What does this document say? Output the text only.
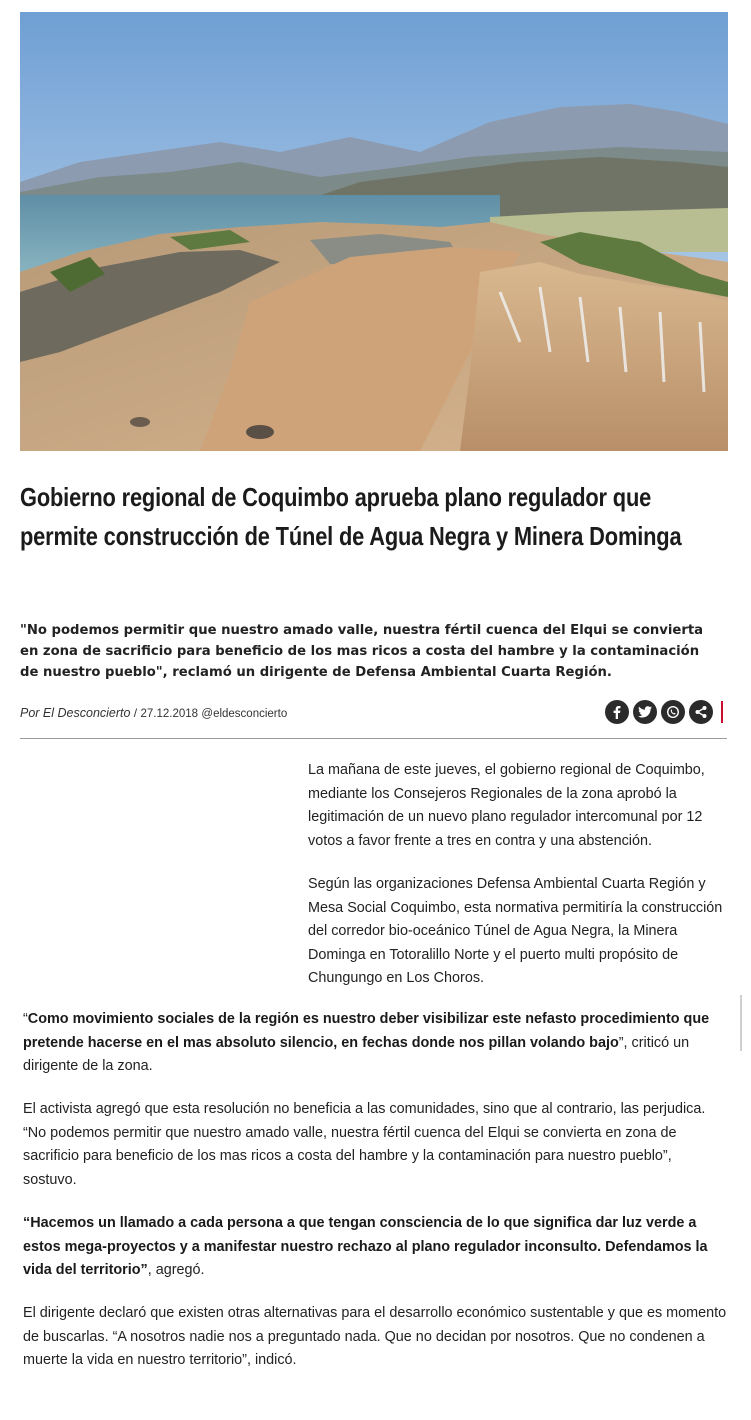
Gobierno regional de Coquimbo aprueba plano regulador que permite construcción de Túnel de Agua Negra y Minera Dominga

"No podemos permitir que nuestro amado valle, nuestra fértil cuenca del Elqui se convierta en zona de sacrificio para beneficio de los mas ricos a costa del hambre y la contaminación de nuestro pueblo", reclamó un dirigente de Defensa Ambiental Cuarta Región.

Por El Desconcierto / 27.12.2018 @eldesconcierto

La mañana de este jueves, el gobierno regional de Coquimbo, mediante los Consejeros Regionales de la zona aprobó la legitimación de un nuevo plano regulador intercomunal por 12 votos a favor frente a tres en contra y una abstención.

Según las organizaciones Defensa Ambiental Cuarta Región y Mesa Social Coquimbo, esta normativa permitiría la construcción del corredor bio-oceánico Túnel de Agua Negra, la Minera Dominga en Totoralillo Norte y el puerto multi propósito de Chungungo en Los Choros.

“Como movimiento sociales de la región es nuestro deber visibilizar este nefasto procedimiento que pretende hacerse en el mas absoluto silencio, en fechas donde nos pillan volando bajo”, criticó un dirigente de la zona.

El activista agregó que esta resolución no beneficia a las comunidades, sino que al contrario, las perjudica. “No podemos permitir que nuestro amado valle, nuestra fértil cuenca del Elqui se convierta en zona de sacrificio para beneficio de los mas ricos a costa del hambre y la contaminación para nuestro pueblo”, sostuvo.

“Hacemos un llamado a cada persona a que tengan consciencia de lo que significa dar luz verde a estos mega-proyectos y a manifestar nuestro rechazo al plano regulador inconsulto. Defendamos la vida del territorio”, agregó.

El dirigente declaró que existen otras alternativas para el desarrollo económico sustentable y que es momento de buscarlas. “A nosotros nadie nos a preguntado nada. Que no decidan por nosotros. Que no condenen a muerte la vida en nuestro territorio”, indicó.
